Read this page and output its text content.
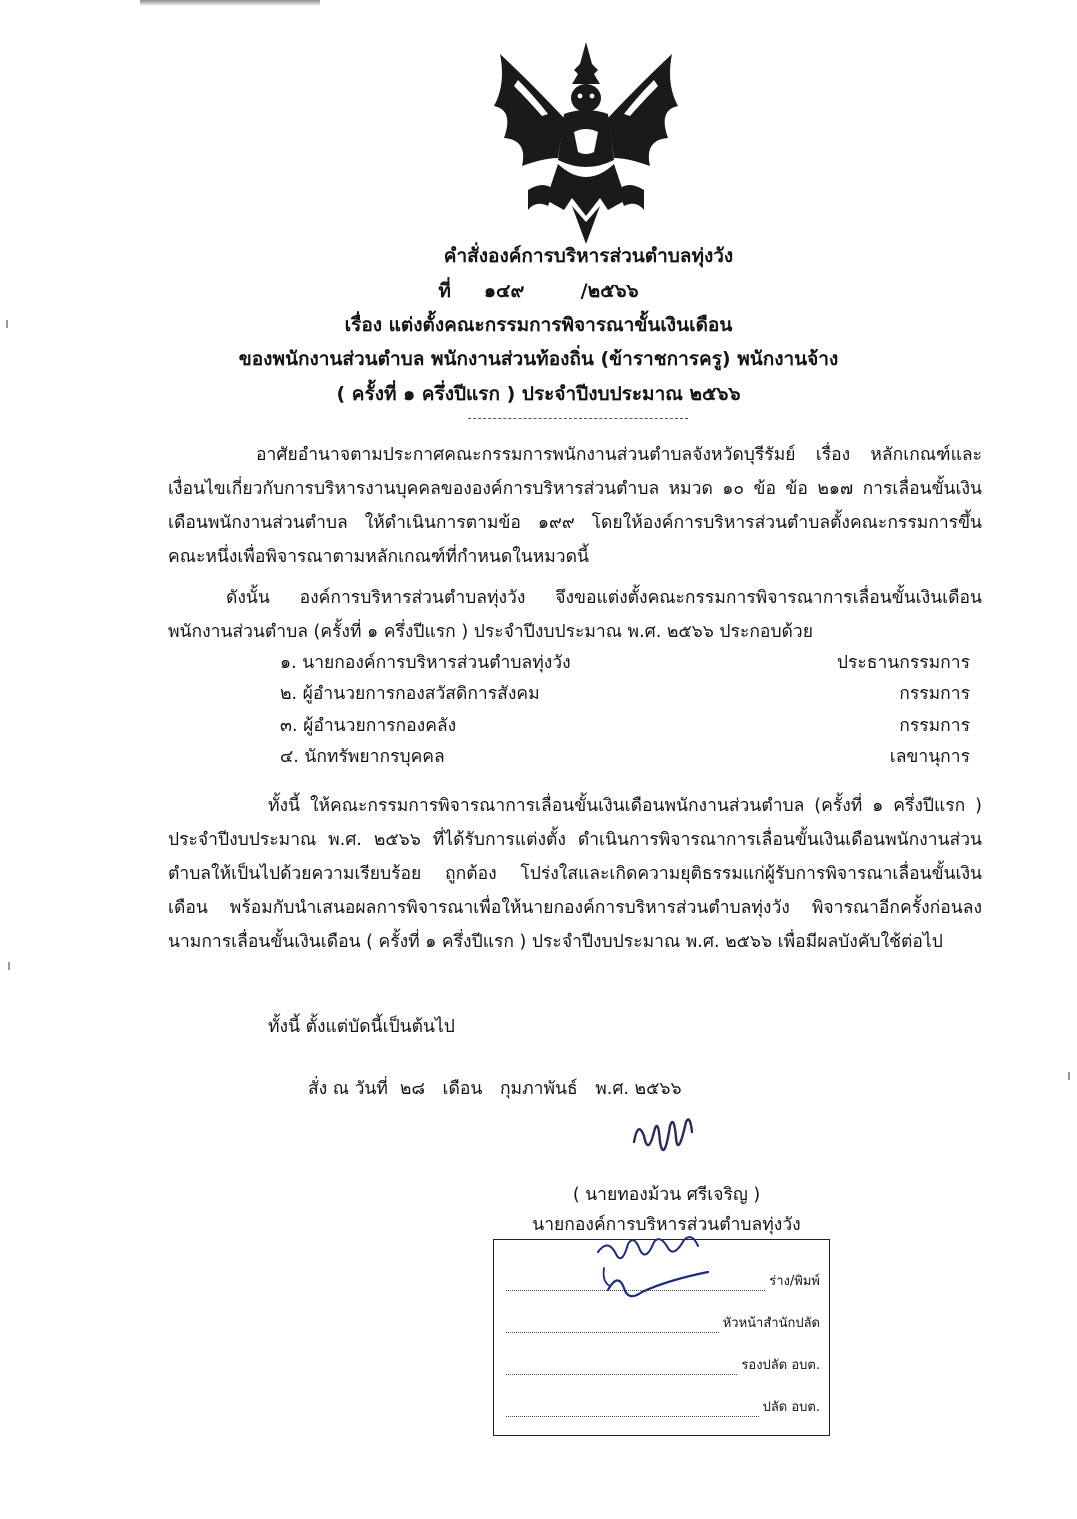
คำสั่งองค์การบริหารส่วนตำบลทุ่งวัง
ที่ ๑๔๙	/๒๕๖๖
เรื่อง แต่งตั้งคณะกรรมการพิจารณาขั้นเงินเดือน
ของพนักงานส่วนตำบล พนักงานส่วนท้องถิ่น (ข้าราชการครู) พนักงานจ้าง
( ครั้งที่ ๑ ครึ่งปีแรก ) ประจำปีงบประมาณ ๒๕๖๖

อาศัยอำนาจตามประกาศคณะกรรมการพนักงานส่วนตำบลจังหวัดบุรีรัมย์ เรื่อง หลักเกณฑ์และเงื่อนไขเกี่ยวกับการบริหารงานบุคคลขององค์การบริหารส่วนตำบล หมวด ๑๐ ข้อ ข้อ ๒๑๗ การเลื่อนขั้นเงินเดือนพนักงานส่วนตำบล ให้ดำเนินการตามข้อ ๑๙๙ โดยให้องค์การบริหารส่วนตำบลตั้งคณะกรรมการขึ้นคณะหนึ่งเพื่อพิจารณาตามหลักเกณฑ์ที่กำหนดในหมวดนี้

ดังนั้น องค์การบริหารส่วนตำบลทุ่งวัง จึงขอแต่งตั้งคณะกรรมการพิจารณาการเลื่อนขั้นเงินเดือนพนักงานส่วนตำบล (ครั้งที่ ๑ ครึ่งปีแรก ) ประจำปีงบประมาณ พ.ศ. ๒๕๖๖ ประกอบด้วย

๑. นายกองค์การบริหารส่วนตำบลทุ่งวัง	ประธานกรรมการ
๒. ผู้อำนวยการกองสวัสดิการสังคม	กรรมการ
๓. ผู้อำนวยการกองคลัง	กรรมการ
๔. นักทรัพยากรบุคคล	เลขานุการ

ทั้งนี้ ให้คณะกรรมการพิจารณาการเลื่อนขั้นเงินเดือนพนักงานส่วนตำบล (ครั้งที่ ๑ ครึ่งปีแรก ) ประจำปีงบประมาณ พ.ศ. ๒๕๖๖ ที่ได้รับการแต่งตั้ง ดำเนินการพิจารณาการเลื่อนขั้นเงินเดือนพนักงานส่วนตำบลให้เป็นไปด้วยความเรียบร้อย ถูกต้อง โปร่งใสและเกิดความยุติธรรมแก่ผู้รับการพิจารณาเลื่อนขั้นเงินเดือน พร้อมกับนำเสนอผลการพิจารณาเพื่อให้นายกองค์การบริหารส่วนตำบลทุ่งวัง พิจารณาอีกครั้งก่อนลงนามการเลื่อนขั้นเงินเดือน ( ครั้งที่ ๑ ครึ่งปีแรก ) ประจำปีงบประมาณ พ.ศ. ๒๕๖๖ เพื่อมีผลบังคับใช้ต่อไป

ทั้งนี้ ตั้งแต่บัดนี้เป็นต้นไป
สั่ง ณ วันที่ ๒๘ เดือน กุมภาพันธ์ พ.ศ. ๒๕๖๖
( นายทองม้วน ศรีเจริญ )
นายกองค์การบริหารส่วนตำบลทุ่งวัง
ร่าง/พิมพ์
หัวหน้าสำนักปลัด
รองปลัด อบต.
ปลัด อบต.
